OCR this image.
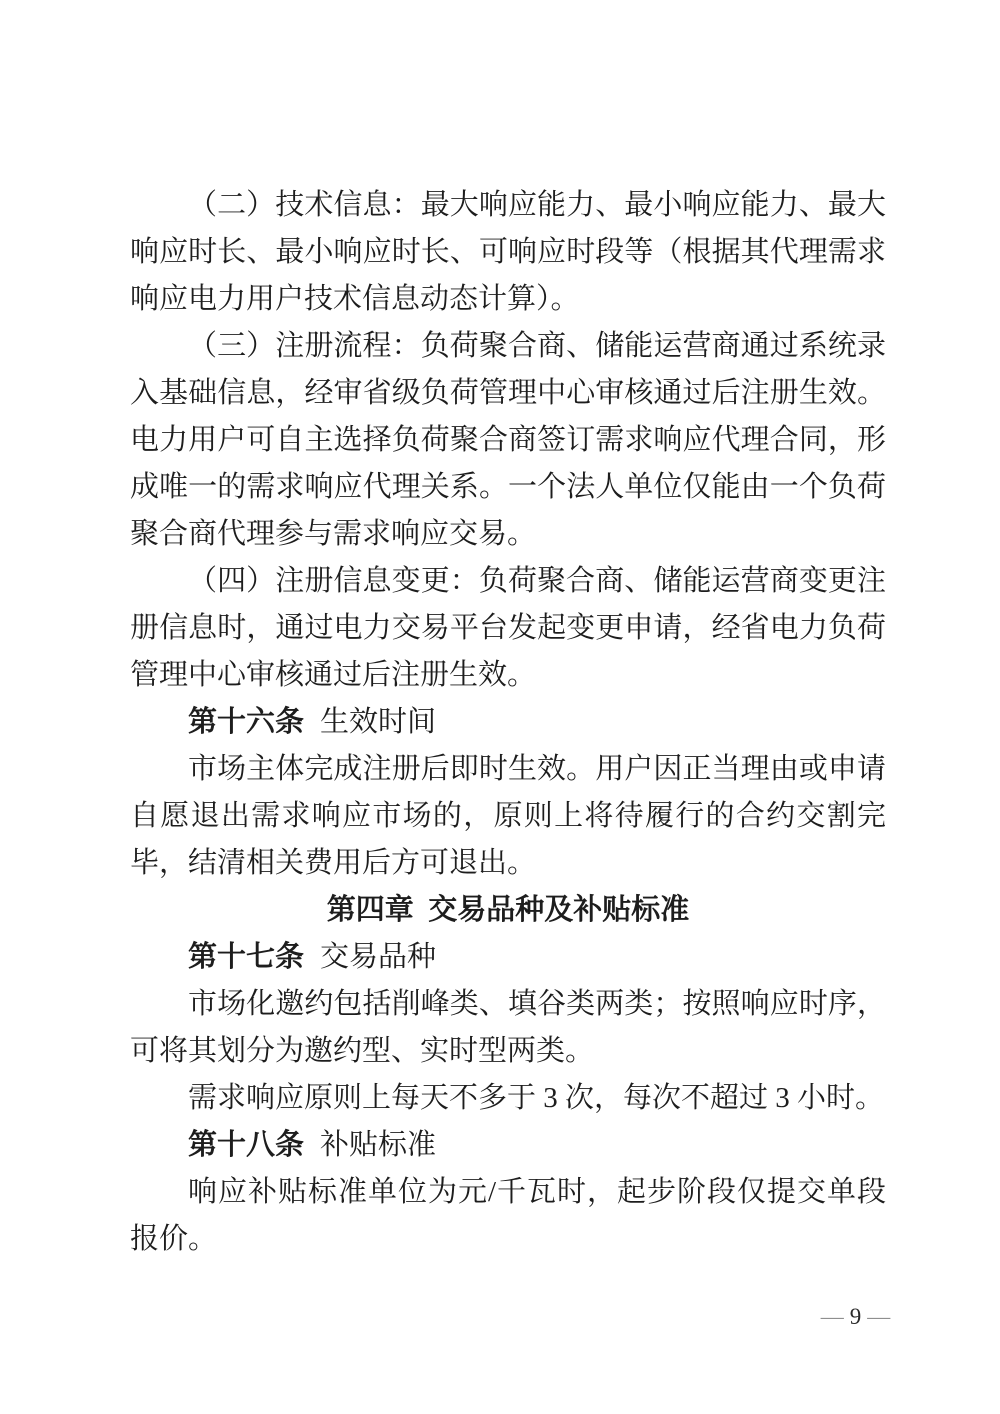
（二）技术信息：最大响应能力、最小响应能力、最大响应时长、最小响应时长、可响应时段等（根据其代理需求响应电力用户技术信息动态计算）。

（三）注册流程：负荷聚合商、储能运营商通过系统录入基础信息，经审省级负荷管理中心审核通过后注册生效。电力用户可自主选择负荷聚合商签订需求响应代理合同，形成唯一的需求响应代理关系。一个法人单位仅能由一个负荷聚合商代理参与需求响应交易。

（四）注册信息变更：负荷聚合商、储能运营商变更注册信息时，通过电力交易平台发起变更申请，经省电力负荷管理中心审核通过后注册生效。

第十六条 生效时间

市场主体完成注册后即时生效。用户因正当理由或申请自愿退出需求响应市场的，原则上将待履行的合约交割完毕，结清相关费用后方可退出。

第四章 交易品种及补贴标准

第十七条 交易品种

市场化邀约包括削峰类、填谷类两类；按照响应时序，可将其划分为邀约型、实时型两类。

需求响应原则上每天不多于 3 次，每次不超过 3 小时。

第十八条 补贴标准

响应补贴标准单位为元/千瓦时，起步阶段仅提交单段报价。

— 9 —
